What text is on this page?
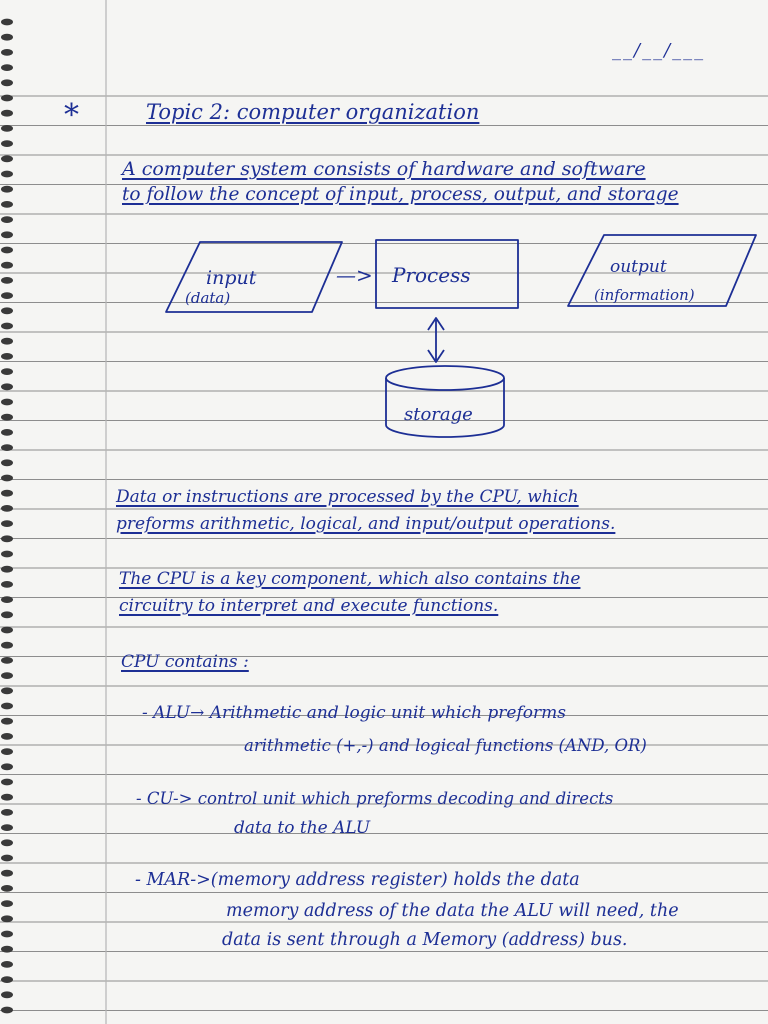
__/__/___
*	Topic 2: computer organization
A computer system consists of hardware and software
to follow the concept of input, process, output, and storage
input
(data)
—> Process	output
(information)
storage
Data or instructions are processed by the CPU, which
preforms arithmetic, logical, and input/output operations.
The CPU is a key component, which also contains the
circuitry to interpret and execute functions.
CPU contains :
- ALU→ Arithmetic and logic unit which preforms
arithmetic (+,-) and logical functions (AND, OR)
- CU-> control unit which preforms decoding and directs
data to the ALU
- MAR->(memory address register) holds the data
memory address of the data the ALU will need, the
data is sent through a Memory (address) bus.
